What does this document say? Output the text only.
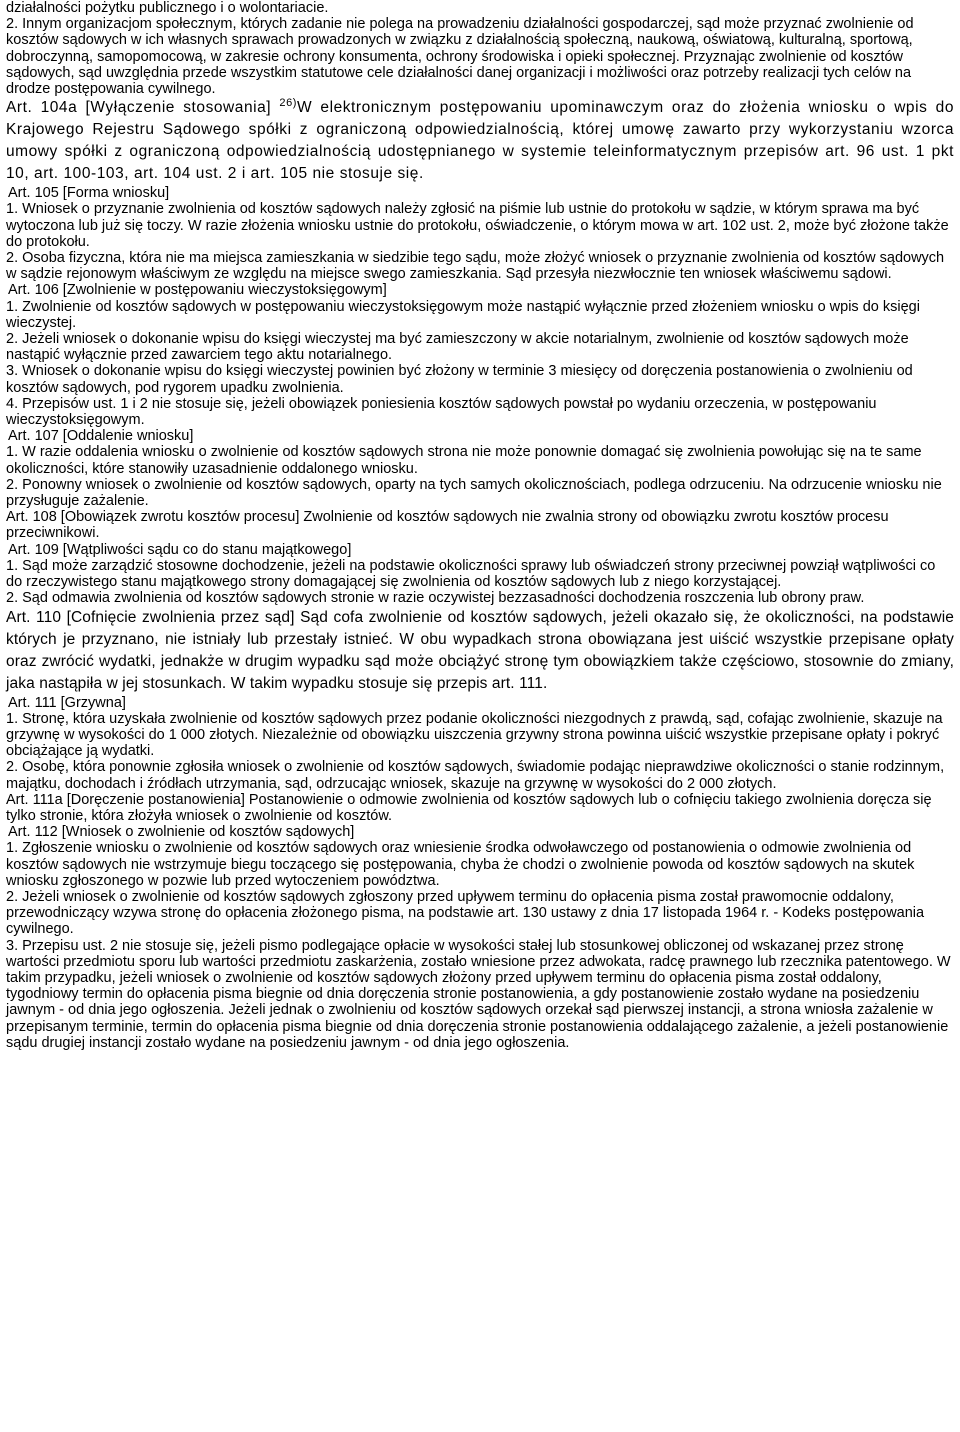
działalności pożytku publicznego i o wolontariacie.

2. Innym organizacjom społecznym, których zadanie nie polega na prowadzeniu działalności gospodarczej, sąd może przyznać zwolnienie od kosztów sądowych w ich własnych sprawach prowadzonych w związku z działalnością społeczną, naukową, oświatową, kulturalną, sportową, dobroczynną, samopomocową, w zakresie ochrony konsumenta, ochrony środowiska i opieki społecznej. Przyznając zwolnienie od kosztów sądowych, sąd uwzględnia przede wszystkim statutowe cele działalności danej organizacji i możliwości oraz potrzeby realizacji tych celów na drodze postępowania cywilnego.

Art. 104a [Wyłączenie stosowania] $^{26)}$W elektronicznym postępowaniu upominawczym oraz do złożenia wniosku o wpis do Krajowego Rejestru Sądowego spółki z ograniczoną odpowiedzialnością, której umowę zawarto przy wykorzystaniu wzorca umowy spółki z ograniczoną odpowiedzialnością udostępnianego w systemie teleinformatycznym przepisów art. 96 ust. 1 pkt 10, art. 100-103, art. 104 ust. 2 i art. 105 nie stosuje się.

Art. 105 [Forma wniosku]

1. Wniosek o przyznanie zwolnienia od kosztów sądowych należy zgłosić na piśmie lub ustnie do protokołu w sądzie, w którym sprawa ma być wytoczona lub już się toczy. W razie złożenia wniosku ustnie do protokołu, oświadczenie, o którym mowa w art. 102 ust. 2, może być złożone także do protokołu.

2. Osoba fizyczna, która nie ma miejsca zamieszkania w siedzibie tego sądu, może złożyć wniosek o przyznanie zwolnienia od kosztów sądowych w sądzie rejonowym właściwym ze względu na miejsce swego zamieszkania. Sąd przesyła niezwłocznie ten wniosek właściwemu sądowi.

Art. 106 [Zwolnienie w postępowaniu wieczystoksięgowym]

1. Zwolnienie od kosztów sądowych w postępowaniu wieczystoksięgowym może nastąpić wyłącznie przed złożeniem wniosku o wpis do księgi wieczystej.

2. Jeżeli wniosek o dokonanie wpisu do księgi wieczystej ma być zamieszczony w akcie notarialnym, zwolnienie od kosztów sądowych może nastąpić wyłącznie przed zawarciem tego aktu notarialnego.

3. Wniosek o dokonanie wpisu do księgi wieczystej powinien być złożony w terminie 3 miesięcy od doręczenia postanowienia o zwolnieniu od kosztów sądowych, pod rygorem upadku zwolnienia.

4. Przepisów ust. 1 i 2 nie stosuje się, jeżeli obowiązek poniesienia kosztów sądowych powstał po wydaniu orzeczenia, w postępowaniu wieczystoksięgowym.

Art. 107 [Oddalenie wniosku]

1. W razie oddalenia wniosku o zwolnienie od kosztów sądowych strona nie może ponownie domagać się zwolnienia powołując się na te same okoliczności, które stanowiły uzasadnienie oddalonego wniosku.

2. Ponowny wniosek o zwolnienie od kosztów sądowych, oparty na tych samych okolicznościach, podlega odrzuceniu. Na odrzucenie wniosku nie przysługuje zażalenie.

Art. 108 [Obowiązek zwrotu kosztów procesu] Zwolnienie od kosztów sądowych nie zwalnia strony od obowiązku zwrotu kosztów procesu przeciwnikowi.

Art. 109 [Wątpliwości sądu co do stanu majątkowego]

1. Sąd może zarządzić stosowne dochodzenie, jeżeli na podstawie okoliczności sprawy lub oświadczeń strony przeciwnej powziął wątpliwości co do rzeczywistego stanu majątkowego strony domagającej się zwolnienia od kosztów sądowych lub z niego korzystającej.

2. Sąd odmawia zwolnienia od kosztów sądowych stronie w razie oczywistej bezzasadności dochodzenia roszczenia lub obrony praw.

Art. 110 [Cofnięcie zwolnienia przez sąd] Sąd cofa zwolnienie od kosztów sądowych, jeżeli okazało się, że okoliczności, na podstawie których je przyznano, nie istniały lub przestały istnieć. W obu wypadkach strona obowiązana jest uiścić wszystkie przepisane opłaty oraz zwrócić wydatki, jednakże w drugim wypadku sąd może obciążyć stronę tym obowiązkiem także częściowo, stosownie do zmiany, jaka nastąpiła w jej stosunkach. W takim wypadku stosuje się przepis art. 111.

Art. 111 [Grzywna]

1. Stronę, która uzyskała zwolnienie od kosztów sądowych przez podanie okoliczności niezgodnych z prawdą, sąd, cofając zwolnienie, skazuje na grzywnę w wysokości do 1 000 złotych. Niezależnie od obowiązku uiszczenia grzywny strona powinna uiścić wszystkie przepisane opłaty i pokryć obciążające ją wydatki.

2. Osobę, która ponownie zgłosiła wniosek o zwolnienie od kosztów sądowych, świadomie podając nieprawdziwe okoliczności o stanie rodzinnym, majątku, dochodach i źródłach utrzymania, sąd, odrzucając wniosek, skazuje na grzywnę w wysokości do 2 000 złotych.

Art. 111a [Doręczenie postanowienia] Postanowienie o odmowie zwolnienia od kosztów sądowych lub o cofnięciu takiego zwolnienia doręcza się tylko stronie, która złożyła wniosek o zwolnienie od kosztów.

Art. 112 [Wniosek o zwolnienie od kosztów sądowych]

1. Zgłoszenie wniosku o zwolnienie od kosztów sądowych oraz wniesienie środka odwoławczego od postanowienia o odmowie zwolnienia od kosztów sądowych nie wstrzymuje biegu toczącego się postępowania, chyba że chodzi o zwolnienie powoda od kosztów sądowych na skutek wniosku zgłoszonego w pozwie lub przed wytoczeniem powództwa.

2. Jeżeli wniosek o zwolnienie od kosztów sądowych zgłoszony przed upływem terminu do opłacenia pisma został prawomocnie oddalony, przewodniczący wzywa stronę do opłacenia złożonego pisma, na podstawie art. 130 ustawy z dnia 17 listopada 1964 r. - Kodeks postępowania cywilnego.

3. Przepisu ust. 2 nie stosuje się, jeżeli pismo podlegające opłacie w wysokości stałej lub stosunkowej obliczonej od wskazanej przez stronę wartości przedmiotu sporu lub wartości przedmiotu zaskarżenia, zostało wniesione przez adwokata, radcę prawnego lub rzecznika patentowego. W takim przypadku, jeżeli wniosek o zwolnienie od kosztów sądowych złożony przed upływem terminu do opłacenia pisma został oddalony, tygodniowy termin do opłacenia pisma biegnie od dnia doręczenia stronie postanowienia, a gdy postanowienie zostało wydane na posiedzeniu jawnym - od dnia jego ogłoszenia. Jeżeli jednak o zwolnieniu od kosztów sądowych orzekał sąd pierwszej instancji, a strona wniosła zażalenie w przepisanym terminie, termin do opłacenia pisma biegnie od dnia doręczenia stronie postanowienia oddalającego zażalenie, a jeżeli postanowienie sądu drugiej instancji zostało wydane na posiedzeniu jawnym - od dnia jego ogłoszenia.
